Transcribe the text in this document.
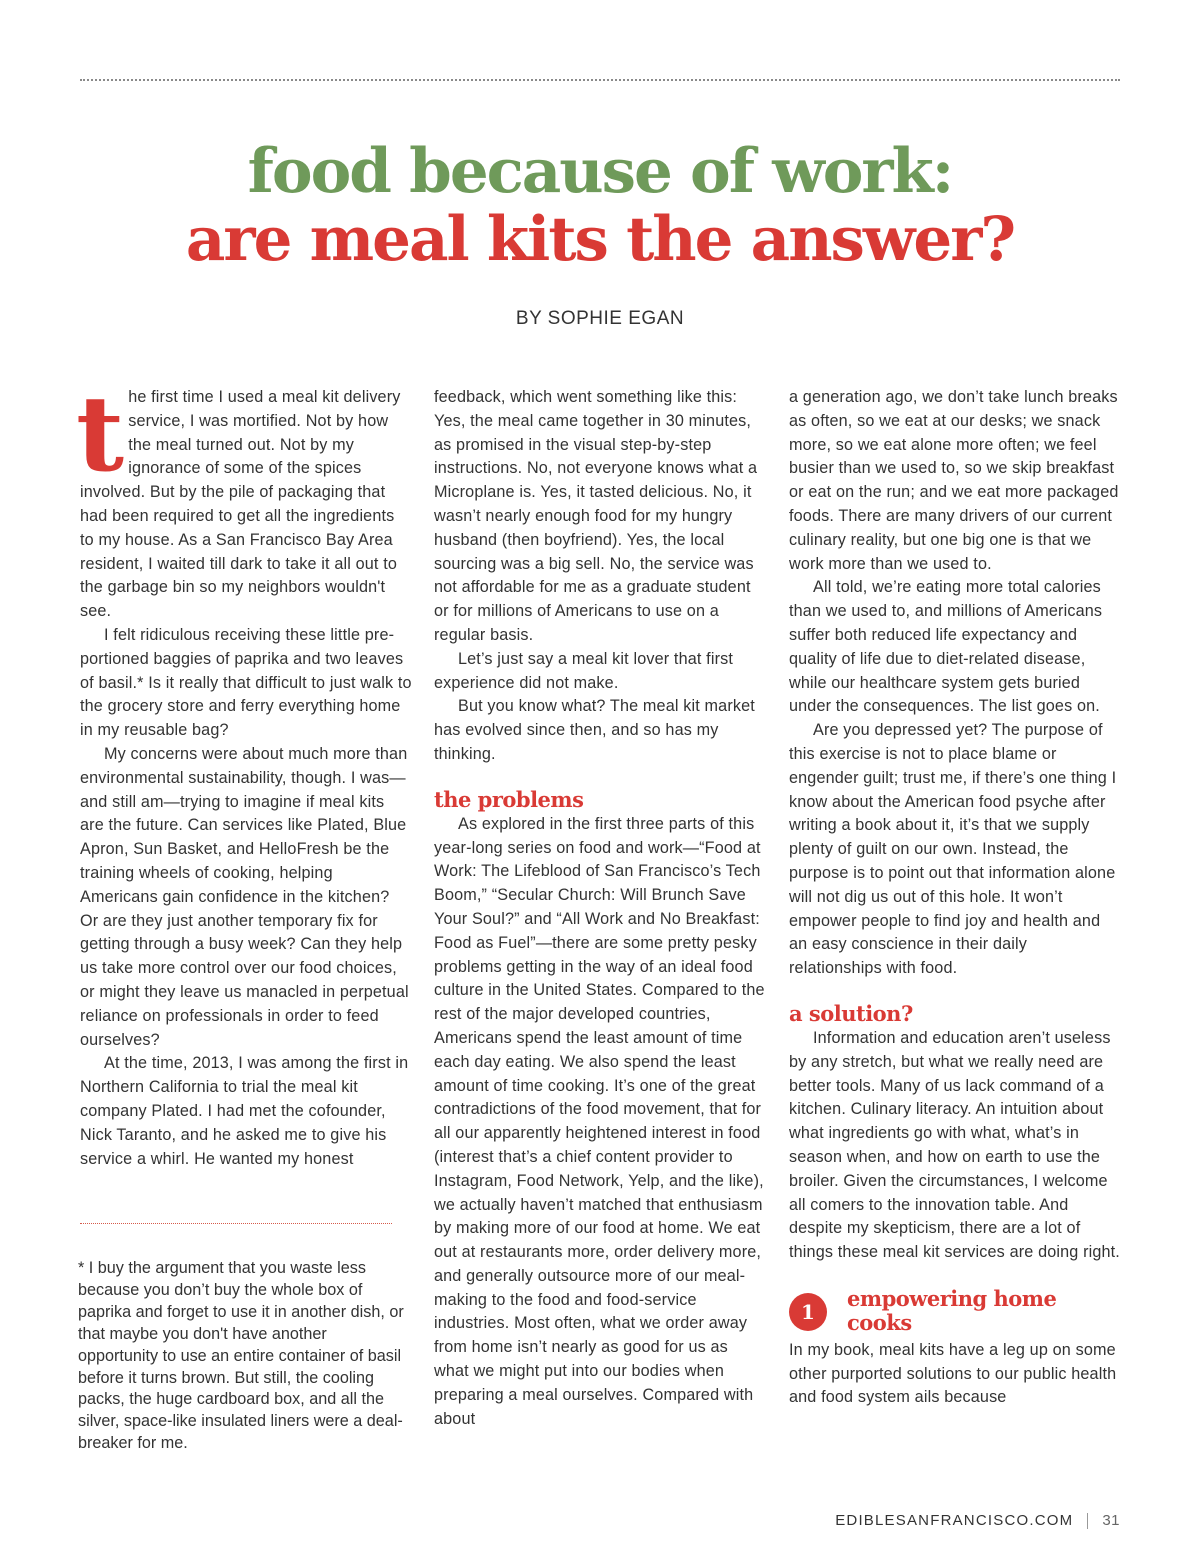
food because of work:
are meal kits the answer?
BY SOPHIE EGAN

the first time I used a meal kit delivery service, I was mortified. Not by how the meal turned out. Not by my ignorance of some of the spices involved. But by the pile of packaging that had been required to get all the ingredients to my house. As a San Francisco Bay Area resident, I waited till dark to take it all out to the garbage bin so my neighbors wouldn't see.

I felt ridiculous receiving these little pre-portioned baggies of paprika and two leaves of basil.* Is it really that difficult to just walk to the grocery store and ferry everything home in my reusable bag?

My concerns were about much more than environmental sustainability, though. I was—and still am—trying to imagine if meal kits are the future. Can services like Plated, Blue Apron, Sun Basket, and HelloFresh be the training wheels of cooking, helping Americans gain confidence in the kitchen? Or are they just another temporary fix for getting through a busy week? Can they help us take more control over our food choices, or might they leave us manacled in perpetual reliance on professionals in order to feed ourselves?

At the time, 2013, I was among the first in Northern California to trial the meal kit company Plated. I had met the cofounder, Nick Taranto, and he asked me to give his service a whirl. He wanted my honest

* I buy the argument that you waste less because you don’t buy the whole box of paprika and forget to use it in another dish, or that maybe you don't have another opportunity to use an entire container of basil before it turns brown. But still, the cooling packs, the huge cardboard box, and all the silver, space-like insulated liners were a deal-breaker for me.

feedback, which went something like this: Yes, the meal came together in 30 minutes, as promised in the visual step-by-step instructions. No, not everyone knows what a Microplane is. Yes, it tasted delicious. No, it wasn’t nearly enough food for my hungry husband (then boyfriend). Yes, the local sourcing was a big sell. No, the service was not affordable for me as a graduate student or for millions of Americans to use on a regular basis.

Let’s just say a meal kit lover that first experience did not make.

But you know what? The meal kit market has evolved since then, and so has my thinking.

the problems

As explored in the first three parts of this year-long series on food and work—“Food at Work: The Lifeblood of San Francisco’s Tech Boom,” “Secular Church: Will Brunch Save Your Soul?” and “All Work and No Breakfast: Food as Fuel”—there are some pretty pesky problems getting in the way of an ideal food culture in the United States. Compared to the rest of the major developed countries, Americans spend the least amount of time each day eating. We also spend the least amount of time cooking. It’s one of the great contradictions of the food movement, that for all our apparently heightened interest in food (interest that’s a chief content provider to Instagram, Food Network, Yelp, and the like), we actually haven’t matched that enthusiasm by making more of our food at home. We eat out at restaurants more, order delivery more, and generally outsource more of our meal-making to the food and food-service industries. Most often, what we order away from home isn’t nearly as good for us as what we might put into our bodies when preparing a meal ourselves. Compared with about

a generation ago, we don’t take lunch breaks as often, so we eat at our desks; we snack more, so we eat alone more often; we feel busier than we used to, so we skip breakfast or eat on the run; and we eat more packaged foods. There are many drivers of our current culinary reality, but one big one is that we work more than we used to.

All told, we’re eating more total calories than we used to, and millions of Americans suffer both reduced life expectancy and quality of life due to diet-related disease, while our healthcare system gets buried under the consequences. The list goes on.

Are you depressed yet? The purpose of this exercise is not to place blame or engender guilt; trust me, if there’s one thing I know about the American food psyche after writing a book about it, it’s that we supply plenty of guilt on our own. Instead, the purpose is to point out that information alone will not dig us out of this hole. It won’t empower people to find joy and health and an easy conscience in their daily relationships with food.

a solution?

Information and education aren’t useless by any stretch, but what we really need are better tools. Many of us lack command of a kitchen. Culinary literacy. An intuition about what ingredients go with what, what’s in season when, and how on earth to use the broiler. Given the circumstances, I welcome all comers to the innovation table. And despite my skepticism, there are a lot of things these meal kit services are doing right.

1
empowering home cooks

In my book, meal kits have a leg up on some other purported solutions to our public health and food system ails because

EDIBLESANFRANCISCO.COM 31
